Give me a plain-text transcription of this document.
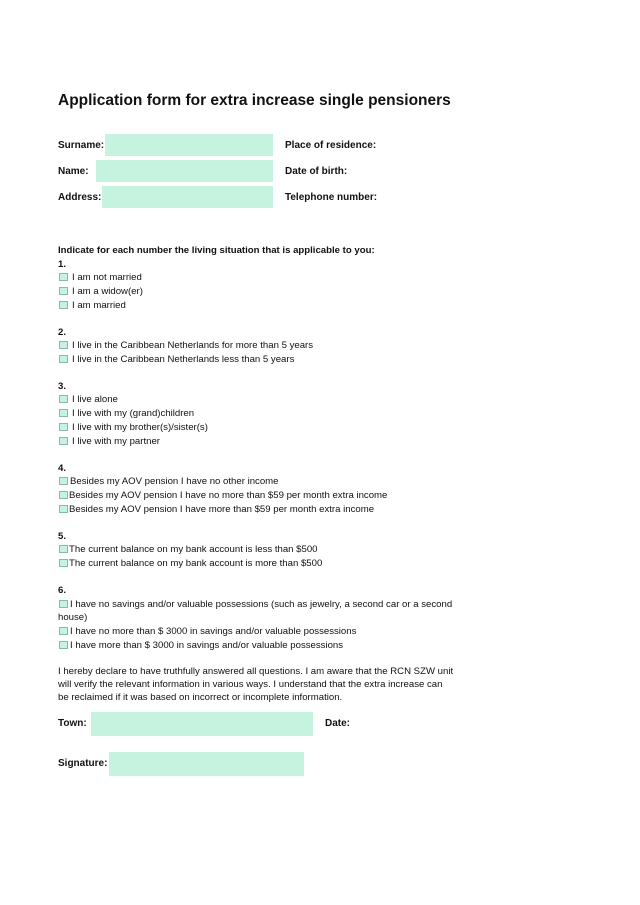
Application form for extra increase single pensioners
Surname:
Name:
Address:
Place of residence:
Date of birth:
Telephone number:
Indicate for each number the living situation that is applicable to you:
1.
I am not married
I am a widow(er)
I am married
2.
I live in the Caribbean Netherlands for more than 5 years
I live in the Caribbean Netherlands less than 5 years
3.
I live alone
I live with my (grand)children
I live with my brother(s)/sister(s)
I live with my partner
4.
Besides my AOV pension I have no other income
Besides my AOV pension I have no more than $59 per month extra income
Besides my AOV pension I have more than $59 per month extra income
5.
The current balance on my bank account is less than $500
The current balance on my bank account is more than $500
6.
I have no savings and/or valuable possessions (such as jewelry, a second car or a second
house)
I have no more than $ 3000 in savings and/or valuable possessions
I have more than $ 3000 in savings and/or valuable possessions
I hereby declare to have truthfully answered all questions. I am aware that the RCN SZW unit
will verify the relevant information in various ways. I understand that the extra increase can
be reclaimed if it was based on incorrect or incomplete information.
Town:	Date:
Signature:
